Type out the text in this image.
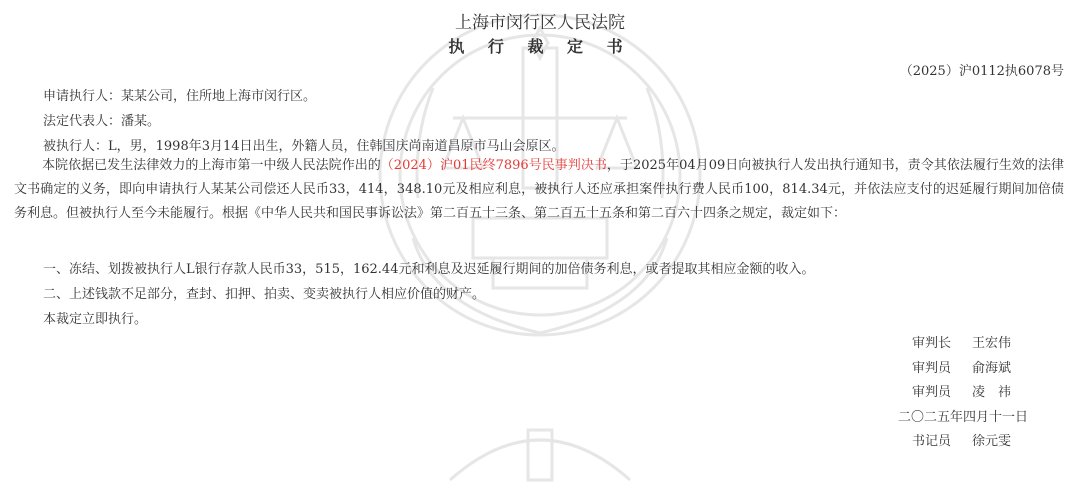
上海市闵行区人民法院
执 行 裁 定 书
（2025）沪0112执6078号
申请执行人：某某公司，住所地上海市闵行区。
法定代表人：潘某。
被执行人：L，男，1998年3月14日出生，外籍人员，住韩国庆尚南道昌原市马山会原区。
本院依据已发生法律效力的上海市第一中级人民法院作出的（2024）沪01民终7896号民事判决书，于2025年04月09日向被执行人发出执行通知书，责令其依法履行生效的法律文书确定的义务，即向申请执行人某某公司偿还人民币33，414，348.10元及相应利息，被执行人还应承担案件执行费人民币100，814.34元，并依法应支付的迟延履行期间加倍债务利息。但被执行人至今未能履行。根据《中华人民共和国民事诉讼法》第二百五十三条、第二百五十五条和第二百六十四条之规定，裁定如下：
一、冻结、划拨被执行人L银行存款人民币33，515，162.44元和利息及迟延履行期间的加倍债务利息，或者提取其相应金额的收入。
二、上述钱款不足部分，查封、扣押、拍卖、变卖被执行人相应价值的财产。
本裁定立即执行。
审判长 王宏伟
审判员 俞海斌
审判员 凌　祎
二〇二五年四月十一日
书记员 徐元雯
